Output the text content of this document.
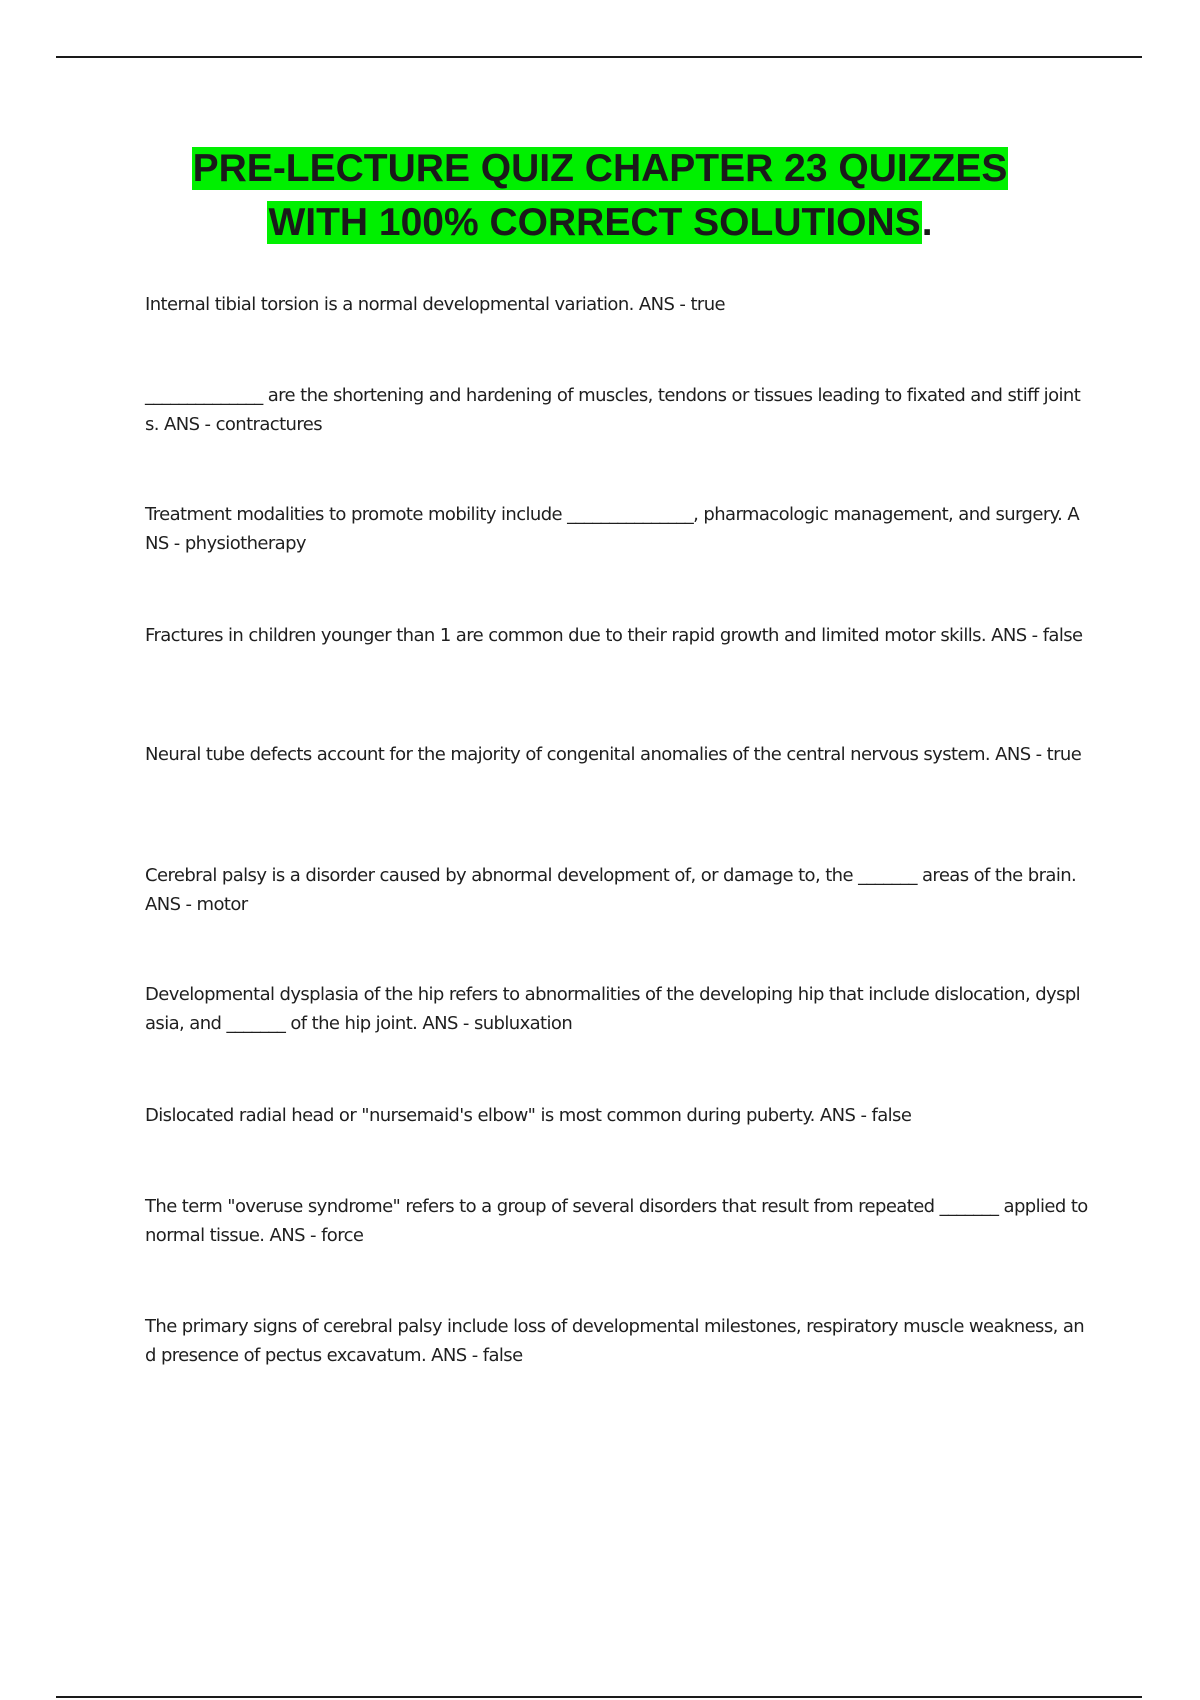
PRE-LECTURE QUIZ CHAPTER 23 QUIZZES
WITH 100% CORRECT SOLUTIONS.
Internal tibial torsion is a normal developmental variation. ANS - true
______________ are the shortening and hardening of muscles, tendons or tissues leading to fixated and stiff joints. ANS - contractures
Treatment modalities to promote mobility include _______________, pharmacologic management, and surgery. ANS - physiotherapy
Fractures in children younger than 1 are common due to their rapid growth and limited motor skills. ANS - false
Neural tube defects account for the majority of congenital anomalies of the central nervous system. ANS - true
Cerebral palsy is a disorder caused by abnormal development of, or damage to, the _______ areas of the brain. ANS - motor
Developmental dysplasia of the hip refers to abnormalities of the developing hip that include dislocation, dysplasia, and _______ of the hip joint. ANS - subluxation
Dislocated radial head or "nursemaid's elbow" is most common during puberty. ANS - false
The term "overuse syndrome" refers to a group of several disorders that result from repeated _______ applied to normal tissue. ANS - force
The primary signs of cerebral palsy include loss of developmental milestones, respiratory muscle weakness, and presence of pectus excavatum. ANS - false
